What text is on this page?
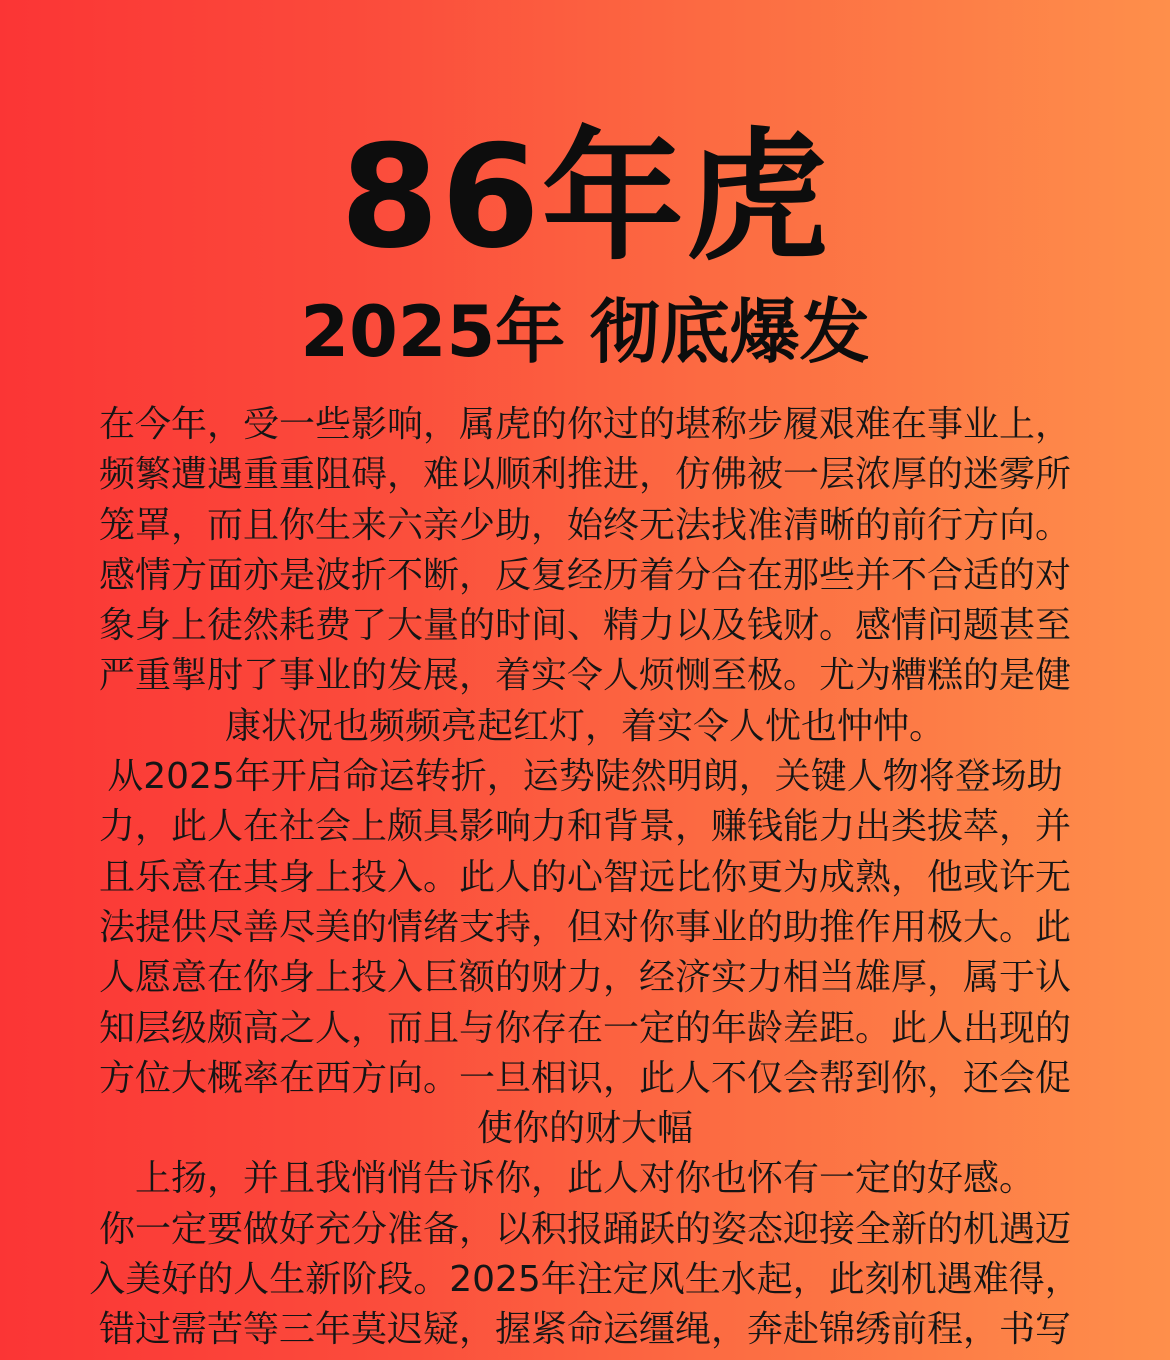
86年虎
2025年 彻底爆发
在今年，受一些影响，属虎的你过的堪称步履艰难在事业上，
频繁遭遇重重阻碍，难以顺利推进，仿佛被一层浓厚的迷雾所
笼罩，而且你生来六亲少助，始终无法找准清晰的前行方向。
感情方面亦是波折不断，反复经历着分合在那些并不合适的对
象身上徒然耗费了大量的时间、精力以及钱财。感情问题甚至
严重掣肘了事业的发展，着实令人烦恻至极。尤为糟糕的是健
康状况也频频亮起红灯，着实令人忧也忡忡。
从2025年开启命运转折，运势陡然明朗，关键人物将登场助
力，此人在社会上颇具影响力和背景，赚钱能力出类拔萃，并
且乐意在其身上投入。此人的心智远比你更为成熟，他或许无
法提供尽善尽美的情绪支持，但对你事业的助推作用极大。此
人愿意在你身上投入巨额的财力，经济实力相当雄厚，属于认
知层级颇高之人，而且与你存在一定的年龄差距。此人出现的
方位大概率在西方向。一旦相识，此人不仅会帮到你，还会促
使你的财大幅
上扬，并且我悄悄告诉你，此人对你也怀有一定的好感。
你一定要做好充分准备，以积报踊跃的姿态迎接全新的机遇迈
入美好的人生新阶段。2025年注定风生水起，此刻机遇难得，
错过需苦等三年莫迟疑，握紧命运缰绳，奔赴锦绣前程，书写
